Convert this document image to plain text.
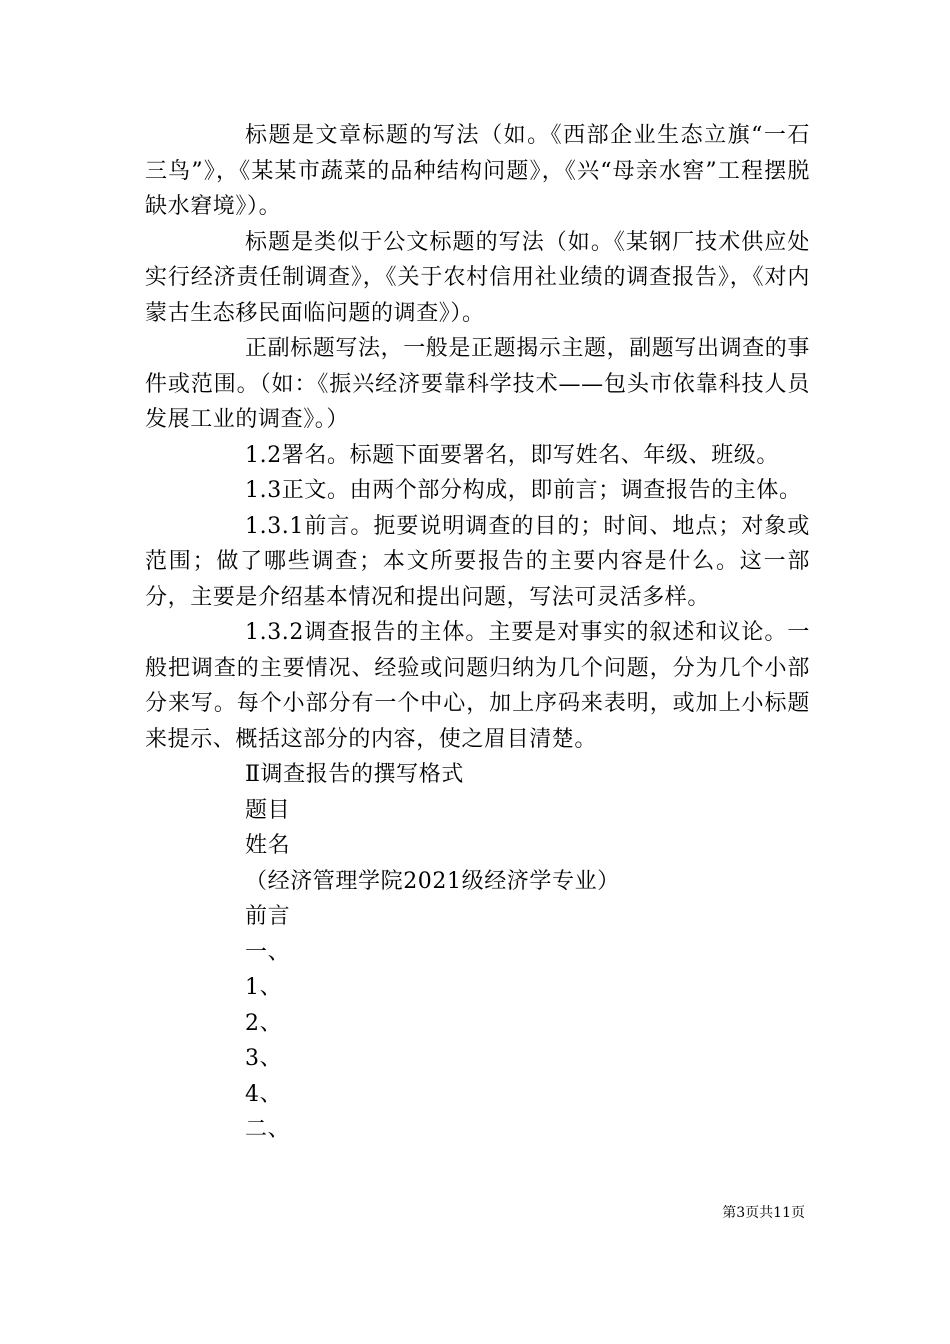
标题是文章标题的写法（如。《西部企业生态立旗“一石三鸟”》，《某某市蔬菜的品种结构问题》，《兴“母亲水窖”工程摆脱缺水窘境》）。

标题是类似于公文标题的写法（如。《某钢厂技术供应处实行经济责任制调查》，《关于农村信用社业绩的调查报告》，《对内蒙古生态移民面临问题的调查》）。

正副标题写法，一般是正题揭示主题，副题写出调查的事件或范围。（如：《振兴经济要靠科学技术——包头市依靠科技人员发展工业的调查》。）

1.2署名。标题下面要署名，即写姓名、年级、班级。

1.3正文。由两个部分构成，即前言；调查报告的主体。

1.3.1前言。扼要说明调查的目的；时间、地点；对象或范围；做了哪些调查；本文所要报告的主要内容是什么。这一部分，主要是介绍基本情况和提出问题，写法可灵活多样。

1.3.2调查报告的主体。主要是对事实的叙述和议论。一般把调查的主要情况、经验或问题归纳为几个问题，分为几个小部分来写。每个小部分有一个中心，加上序码来表明，或加上小标题来提示、概括这部分的内容，使之眉目清楚。

Ⅱ调查报告的撰写格式

题目

姓名

（经济管理学院2021级经济学专业）

前言

一、

1、

2、

3、

4、

二、

第3页共11页
